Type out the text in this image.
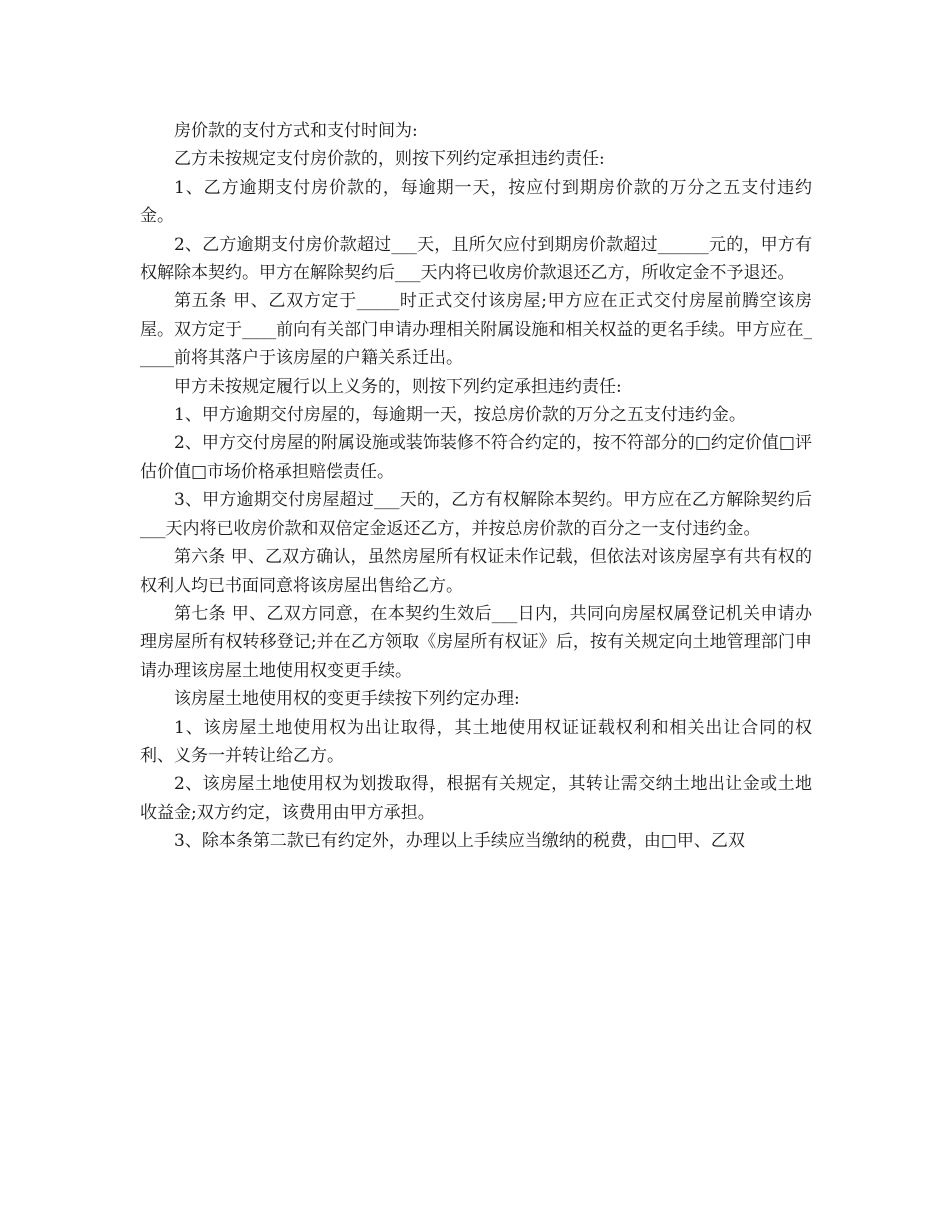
房价款的支付方式和支付时间为:

乙方未按规定支付房价款的，则按下列约定承担违约责任:

1、乙方逾期支付房价款的，每逾期一天，按应付到期房价款的万分之五支付违约金。

2、乙方逾期支付房价款超过___天，且所欠应付到期房价款超过______元的，甲方有权解除本契约。甲方在解除契约后___天内将已收房价款退还乙方，所收定金不予退还。

第五条 甲、乙双方定于_____时正式交付该房屋;甲方应在正式交付房屋前腾空该房屋。双方定于____前向有关部门申请办理相关附属设施和相关权益的更名手续。甲方应在_____前将其落户于该房屋的户籍关系迁出。

甲方未按规定履行以上义务的，则按下列约定承担违约责任:

1、甲方逾期交付房屋的，每逾期一天，按总房价款的万分之五支付违约金。

2、甲方交付房屋的附属设施或装饰装修不符合约定的，按不符部分的□约定价值□评估价值□市场价格承担赔偿责任。

3、甲方逾期交付房屋超过___天的，乙方有权解除本契约。甲方应在乙方解除契约后___天内将已收房价款和双倍定金返还乙方，并按总房价款的百分之一支付违约金。

第六条 甲、乙双方确认，虽然房屋所有权证未作记载，但依法对该房屋享有共有权的权利人均已书面同意将该房屋出售给乙方。

第七条 甲、乙双方同意，在本契约生效后___日内，共同向房屋权属登记机关申请办理房屋所有权转移登记;并在乙方领取《房屋所有权证》后，按有关规定向土地管理部门申请办理该房屋土地使用权变更手续。

该房屋土地使用权的变更手续按下列约定办理:

1、该房屋土地使用权为出让取得，其土地使用权证证载权利和相关出让合同的权利、义务一并转让给乙方。

2、该房屋土地使用权为划拨取得，根据有关规定，其转让需交纳土地出让金或土地收益金;双方约定，该费用由甲方承担。

3、除本条第二款已有约定外，办理以上手续应当缴纳的税费，由□甲、乙双
